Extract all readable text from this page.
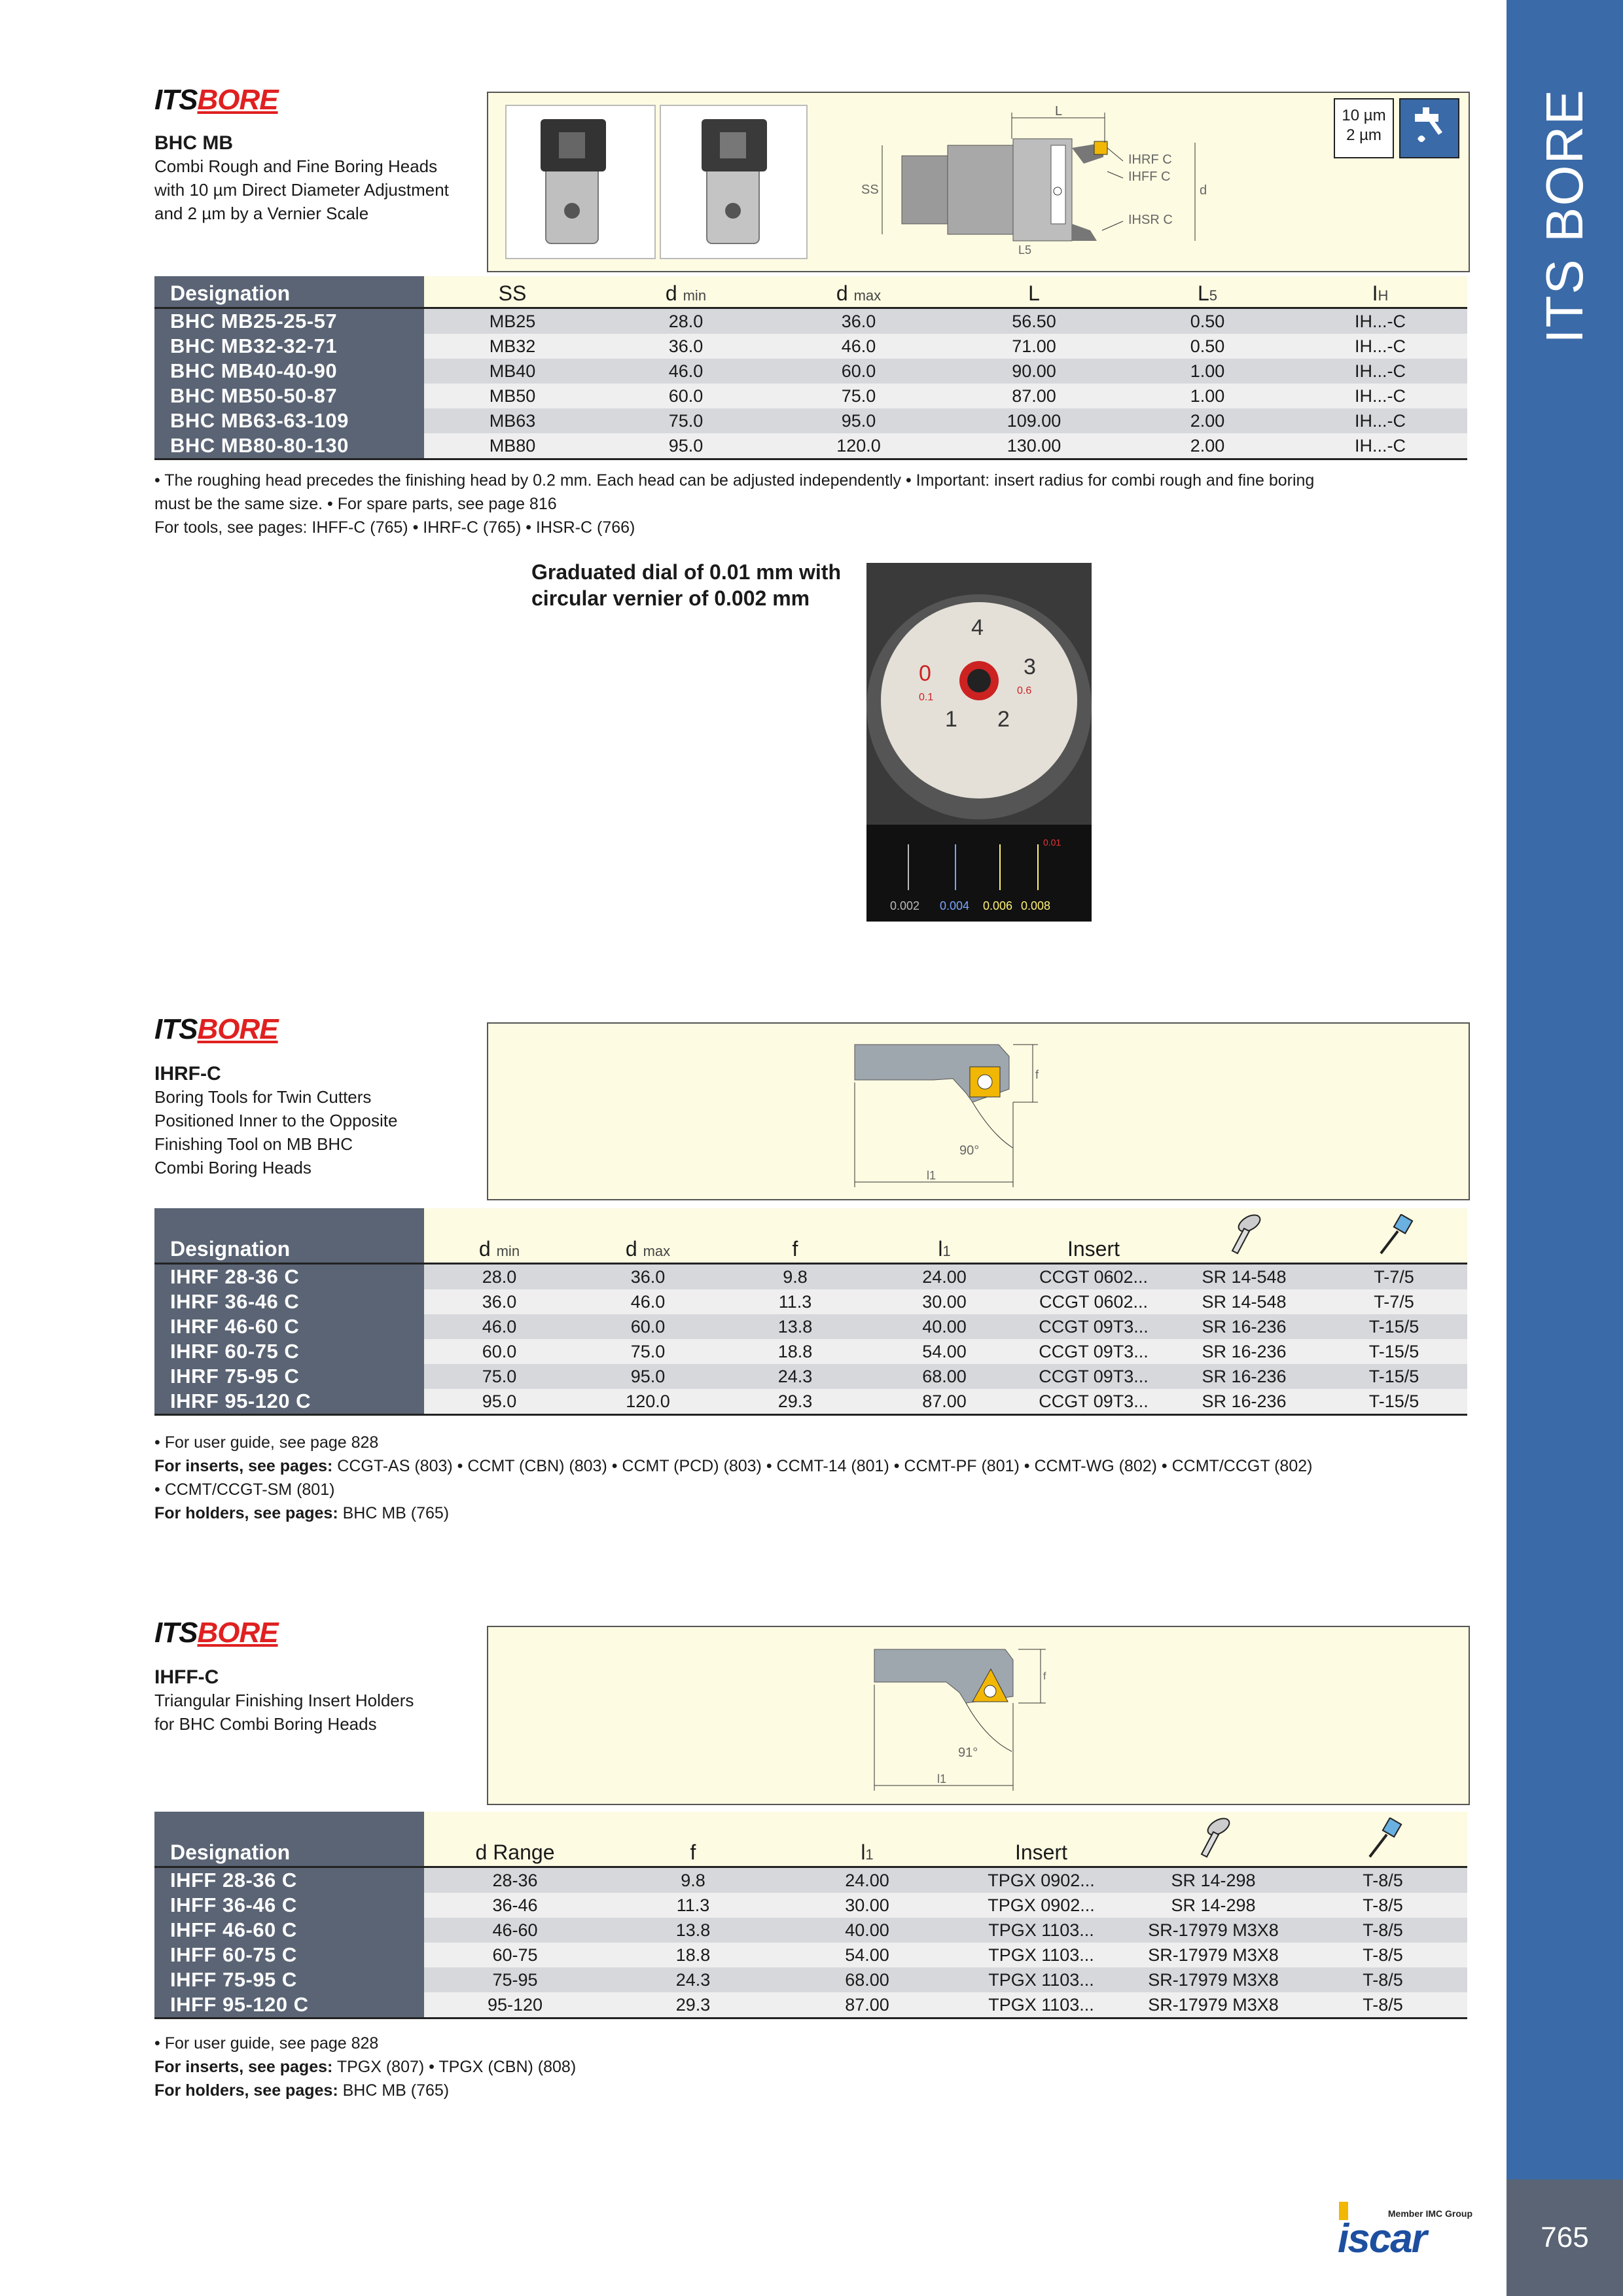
ITS BORE
765
ITSBORE
BHC MB
Combi Rough and Fine Boring Heads
with 10 µm Direct Diameter Adjustment
and 2 µm by a Vernier Scale
L
SS	d
IHRF C
IHFF C
IHSR C
L5
10 µm
2 µm
Designation	SS	d min	d max	L	L5	IH
BHC MB25-25-57	MB25	28.0	36.0	56.50	0.50	IH...-C
BHC MB32-32-71	MB32	36.0	46.0	71.00	0.50	IH...-C
BHC MB40-40-90	MB40	46.0	60.0	90.00	1.00	IH...-C
BHC MB50-50-87	MB50	60.0	75.0	87.00	1.00	IH...-C
BHC MB63-63-109	MB63	75.0	95.0	109.00	2.00	IH...-C
BHC MB80-80-130	MB80	95.0	120.0	130.00	2.00	IH...-C
• The roughing head precedes the finishing head by 0.2 mm. Each head can be adjusted independently • Important: insert radius for combi rough and fine boring
must be the same size. • For spare parts, see page 816
For tools, see pages: IHFF-C (765) • IHRF-C (765) • IHSR-C (766)
Graduated dial of 0.01 mm with
circular vernier of 0.002 mm
4
3
2
1
0
0.1
0.6
0.01
0.002 0.004 0.006 0.008
ITSBORE
IHRF-C
Boring Tools for Twin Cutters
Positioned Inner to the Opposite
Finishing Tool on MB BHC
Combi Boring Heads
f
90°
l1
Designation	d min	d max	f	l1	Insert		
IHRF 28-36 C	28.0	36.0	9.8	24.00	CCGT 0602...	SR 14-548	T-7/5
IHRF 36-46 C	36.0	46.0	11.3	30.00	CCGT 0602...	SR 14-548	T-7/5
IHRF 46-60 C	46.0	60.0	13.8	40.00	CCGT 09T3...	SR 16-236	T-15/5
IHRF 60-75 C	60.0	75.0	18.8	54.00	CCGT 09T3...	SR 16-236	T-15/5
IHRF 75-95 C	75.0	95.0	24.3	68.00	CCGT 09T3...	SR 16-236	T-15/5
IHRF 95-120 C	95.0	120.0	29.3	87.00	CCGT 09T3...	SR 16-236	T-15/5
• For user guide, see page 828
For inserts, see pages: CCGT-AS (803) • CCMT (CBN) (803) • CCMT (PCD) (803) • CCMT-14 (801) • CCMT-PF (801) • CCMT-WG (802) • CCMT/CCGT (802)
• CCMT/CCGT-SM (801)
For holders, see pages: BHC MB (765)
ITSBORE
IHFF-C
Triangular Finishing Insert Holders
for BHC Combi Boring Heads
f
91°
l1
Designation	d Range	f	l1	Insert		
IHFF 28-36 C	28-36	9.8	24.00	TPGX 0902...	SR 14-298	T-8/5
IHFF 36-46 C	36-46	11.3	30.00	TPGX 0902...	SR 14-298	T-8/5
IHFF 46-60 C	46-60	13.8	40.00	TPGX 1103...	SR-17979 M3X8	T-8/5
IHFF 60-75 C	60-75	18.8	54.00	TPGX 1103...	SR-17979 M3X8	T-8/5
IHFF 75-95 C	75-95	24.3	68.00	TPGX 1103...	SR-17979 M3X8	T-8/5
IHFF 95-120 C	95-120	29.3	87.00	TPGX 1103...	SR-17979 M3X8	T-8/5
• For user guide, see page 828
For inserts, see pages: TPGX (807) • TPGX (CBN) (808)
For holders, see pages: BHC MB (765)
Member IMC Group
iscar
